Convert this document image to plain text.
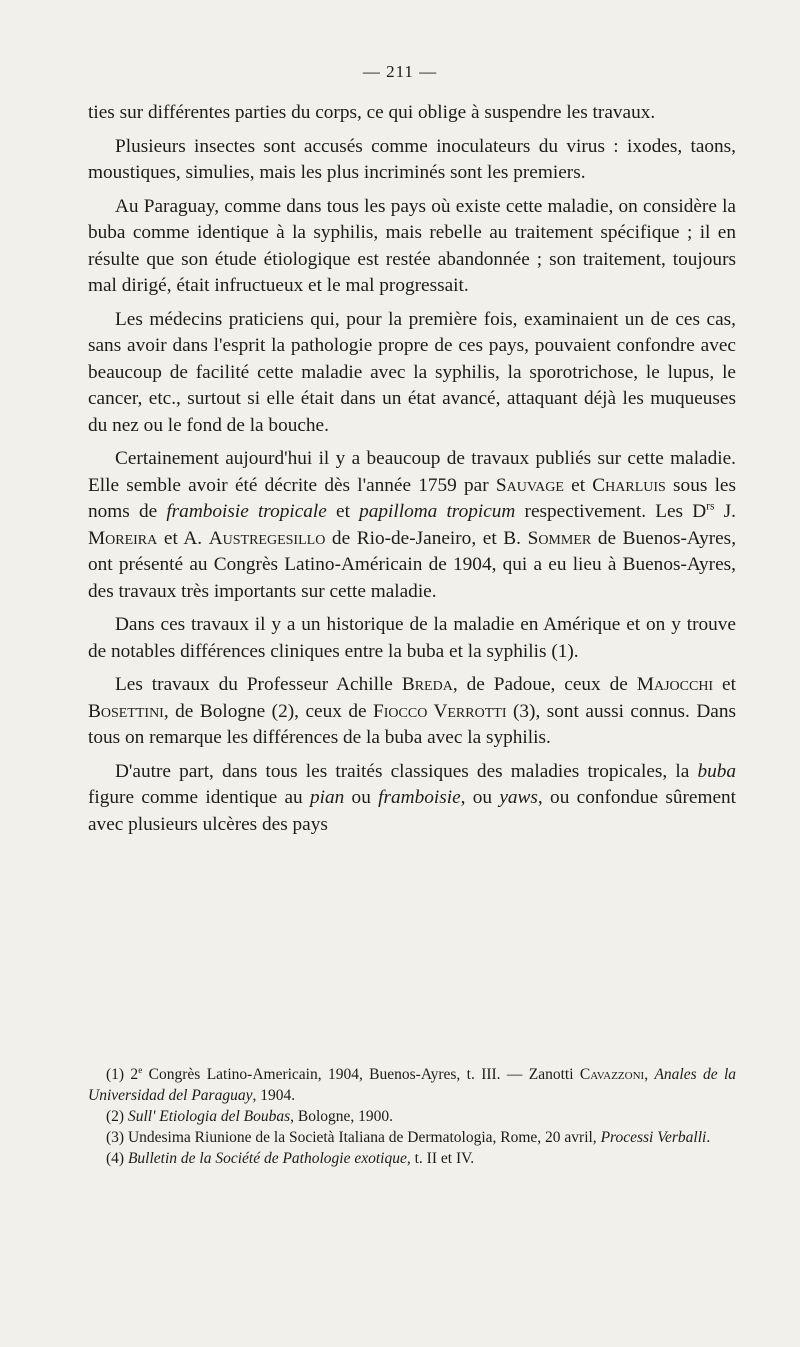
— 211 —

ties sur différentes parties du corps, ce qui oblige à suspendre les travaux.

Plusieurs insectes sont accusés comme inoculateurs du virus : ixodes, taons, moustiques, simulies, mais les plus incriminés sont les premiers.

Au Paraguay, comme dans tous les pays où existe cette maladie, on considère la buba comme identique à la syphilis, mais rebelle au traitement spécifique ; il en résulte que son étude étiologique est restée abandonnée ; son traitement, toujours mal dirigé, était infructueux et le mal progressait.

Les médecins praticiens qui, pour la première fois, examinaient un de ces cas, sans avoir dans l'esprit la pathologie propre de ces pays, pouvaient confondre avec beaucoup de facilité cette maladie avec la syphilis, la sporotrichose, le lupus, le cancer, etc., surtout si elle était dans un état avancé, attaquant déjà les muqueuses du nez ou le fond de la bouche.

Certainement aujourd'hui il y a beaucoup de travaux publiés sur cette maladie. Elle semble avoir été décrite dès l'année 1759 par Sauvage et Charluis sous les noms de framboisie tropicale et papilloma tropicum respectivement. Les $D^{rs}$ J. Moreira et A. Austregesillo de Rio-de-Janeiro, et B. Sommer de Buenos-Ayres, ont présenté au Congrès Latino-Américain de 1904, qui a eu lieu à Buenos-Ayres, des travaux très importants sur cette maladie.

Dans ces travaux il y a un historique de la maladie en Amérique et on y trouve de notables différences cliniques entre la buba et la syphilis (1).

Les travaux du Professeur Achille Breda, de Padoue, ceux de Majocchi et Bosettini, de Bologne (2), ceux de Fiocco Verrotti (3), sont aussi connus. Dans tous on remarque les différences de la buba avec la syphilis.

D'autre part, dans tous les traités classiques des maladies tropicales, la buba figure comme identique au pian ou framboisie, ou yaws, ou confondue sûrement avec plusieurs ulcères des pays

(1) 2e Congrès Latino-Americain, 1904, Buenos-Ayres, t. III. — Zanotti Cavazzoni, Anales de la Universidad del Paraguay, 1904.

(2) Sull' Etiologia del Boubas, Bologne, 1900.

(3) Undesima Riunione de la Società Italiana de Dermatologia, Rome, 20 avril, Processi Verballi.

(4) Bulletin de la Société de Pathologie exotique, t. II et IV.
